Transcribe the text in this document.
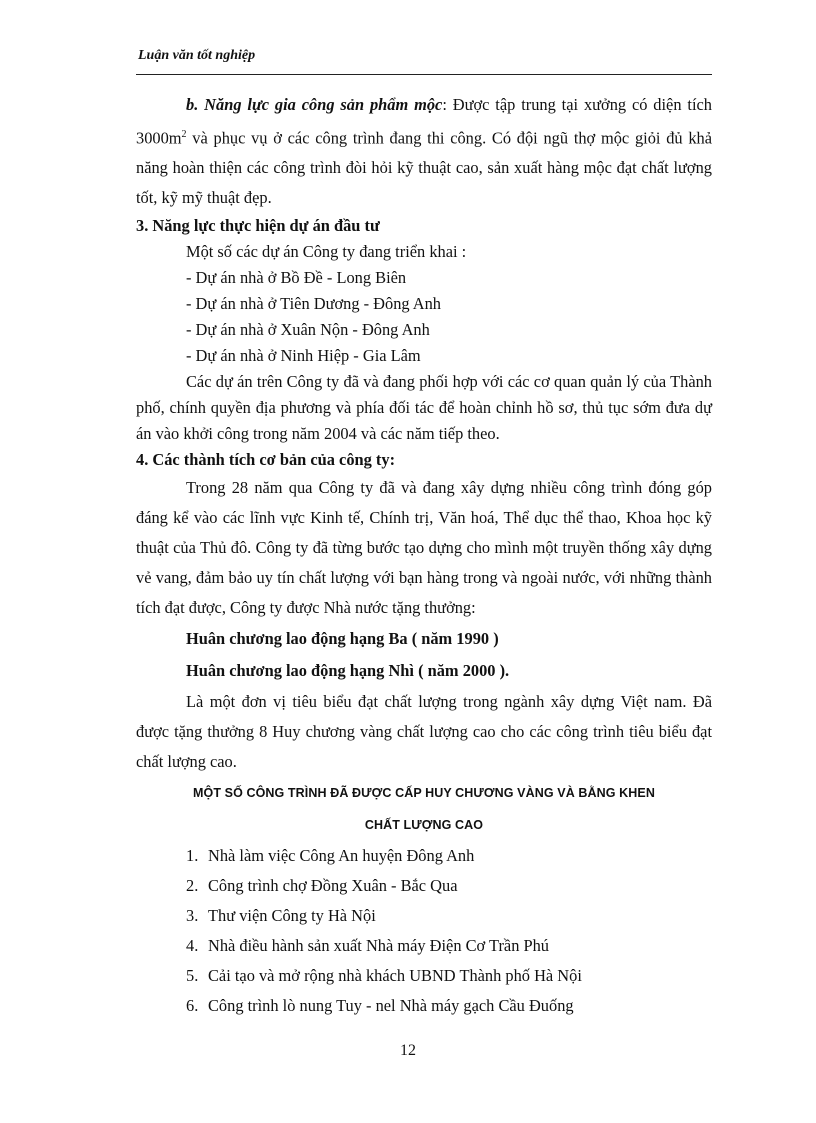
Luận văn tốt nghiệp

b. Năng lực gia công sản phẩm mộc: Được tập trung tại xưởng có diện tích $3000m^2$ và phục vụ ở các công trình đang thi công. Có đội ngũ thợ mộc giỏi đủ khả năng hoàn thiện các công trình đòi hỏi kỹ thuật cao, sản xuất hàng mộc đạt chất lượng tốt, kỹ mỹ thuật đẹp.

3. Năng lực thực hiện dự án đầu tư

Một số các dự án Công ty đang triển khai :

- Dự án nhà ở Bồ Đề - Long Biên

- Dự án nhà ở Tiên Dương - Đông Anh

- Dự án nhà ở Xuân Nộn - Đông Anh

- Dự án nhà ở Ninh Hiệp - Gia Lâm

Các dự án trên Công ty đã và đang phối hợp với các cơ quan quản lý của Thành phố, chính quyền địa phương và phía đối tác để hoàn chỉnh hồ sơ, thủ tục sớm đưa dự án vào khởi công trong năm 2004 và các năm tiếp theo.

4. Các thành tích cơ bản của công ty:

Trong 28 năm qua Công ty đã và đang xây dựng nhiều công trình đóng góp đáng kể vào các lĩnh vực Kinh tế, Chính trị, Văn hoá, Thể dục thể thao, Khoa học kỹ thuật của Thủ đô. Công ty đã từng bước tạo dựng cho mình một truyền thống xây dựng vẻ vang, đảm bảo uy tín chất lượng với bạn hàng trong và ngoài nước, với những thành tích đạt được, Công ty được Nhà nước tặng thưởng:

Huân chương lao động hạng Ba ( năm 1990 )

Huân chương lao động hạng Nhì ( năm 2000 ).

Là một đơn vị tiêu biểu đạt chất lượng trong ngành xây dựng Việt nam. Đã được tặng thưởng 8 Huy chương vàng chất lượng cao cho các công trình tiêu biểu đạt chất lượng cao.

MỘT SỐ CÔNG TRÌNH ĐÃ ĐƯỢC CẤP HUY CHƯƠNG VÀNG VÀ BẰNG KHEN

CHẤT LƯỢNG CAO

1. Nhà làm việc Công An huyện Đông Anh
2. Công trình chợ Đồng Xuân - Bắc Qua
3. Thư viện Công ty Hà Nội
4. Nhà điều hành sản xuất Nhà máy Điện Cơ Trần Phú
5. Cải tạo và mở rộng nhà khách UBND Thành phố Hà Nội
6. Công trình lò nung Tuy - nel Nhà máy gạch Cầu Đuống
12
